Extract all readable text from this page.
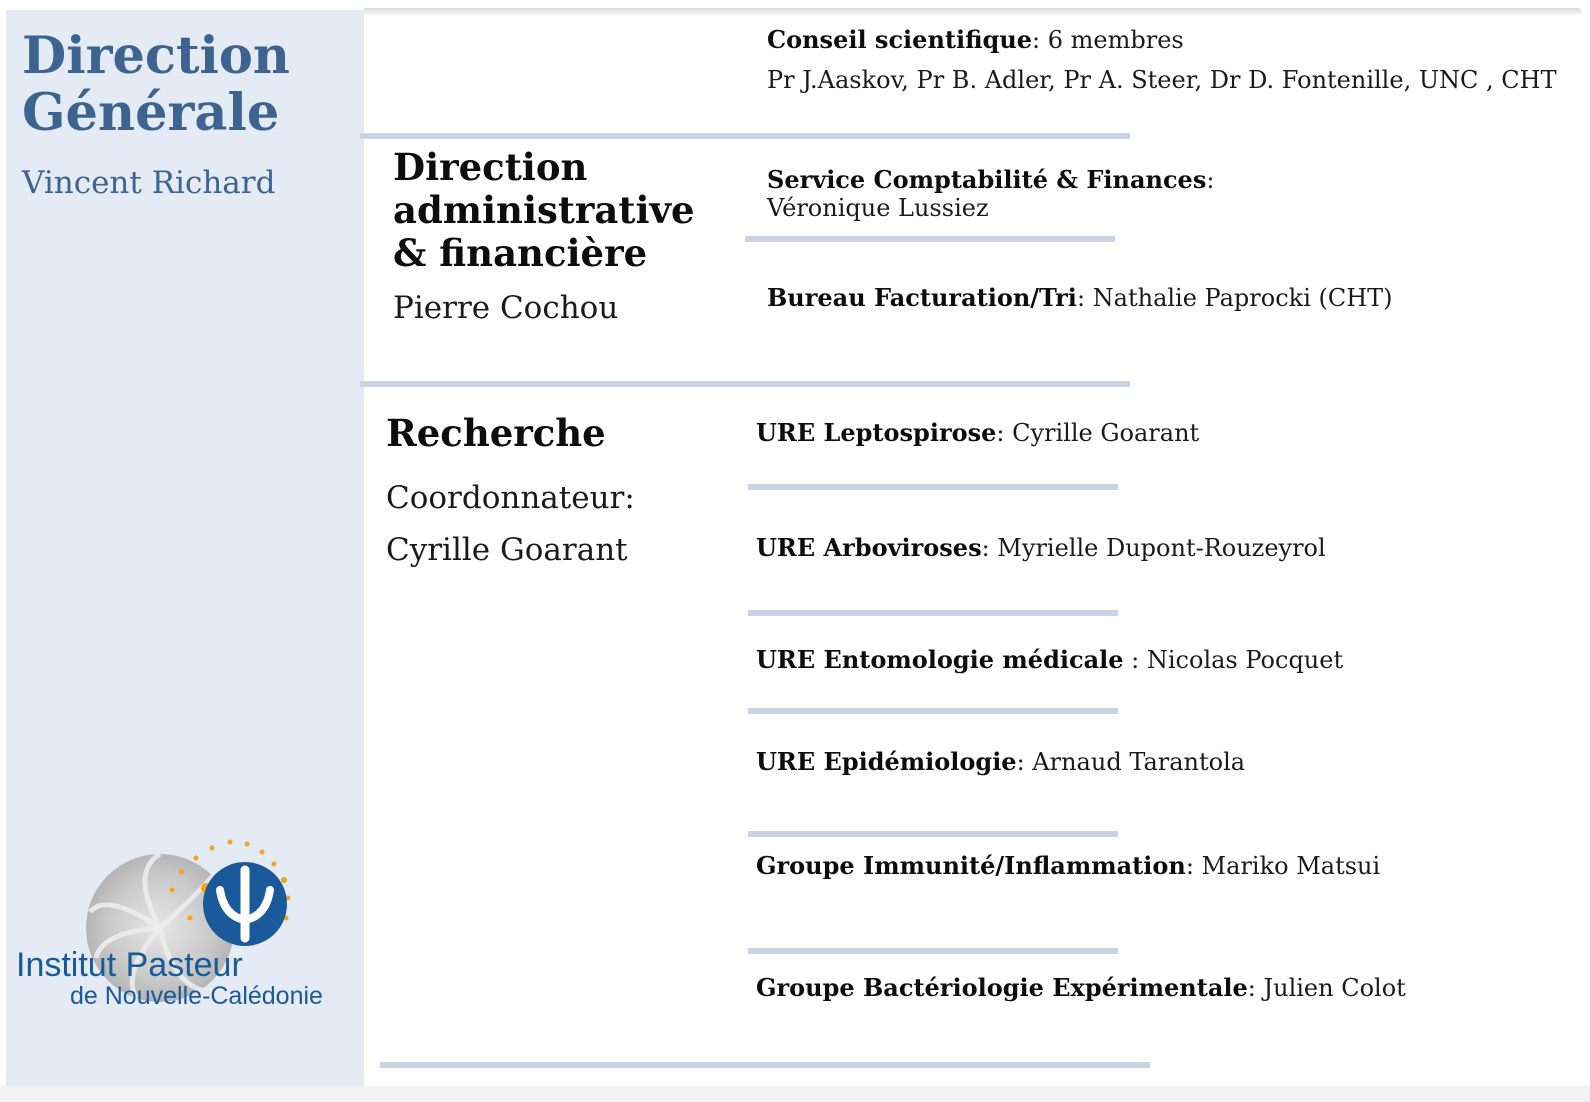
Direction Générale
Vincent Richard
Conseil scientifique: 6 membres
Pr J.Aaskov, Pr B. Adler, Pr A. Steer, Dr D. Fontenille, UNC , CHT
Direction administrative & financière
Pierre Cochou
Service Comptabilité & Finances: Véronique Lussiez
Bureau Facturation/Tri: Nathalie Paprocki (CHT)
Recherche
Coordonnateur:
Cyrille Goarant
URE Leptospirose: Cyrille Goarant
URE Arboviroses: Myrielle Dupont-Rouzeyrol
URE Entomologie médicale : Nicolas Pocquet
URE Epidémiologie: Arnaud Tarantola
Groupe Immunité/Inflammation: Mariko Matsui
Groupe Bactériologie Expérimentale: Julien Colot
Institut Pasteur
de Nouvelle-Calédonie
